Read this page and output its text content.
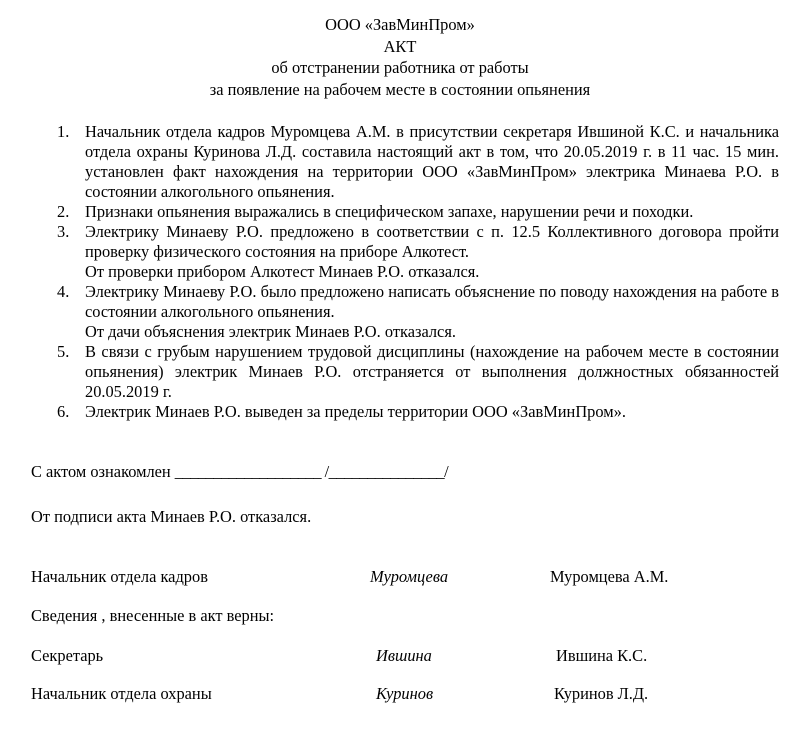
ООО «ЗавМинПром»
АКТ
об отстранении работника от работы
за появление на рабочем месте в состоянии опьянения
1. Начальник отдела кадров Муромцева А.М. в присутствии секретаря Ившиной К.С. и начальника отдела охраны Куринова Л.Д. составила настоящий акт в том, что 20.05.2019 г. в 11 час. 15 мин. установлен факт нахождения на территории ООО «ЗавМинПром» электрика Минаева Р.О. в состоянии алкогольного опьянения.
2. Признаки опьянения выражались в специфическом запахе, нарушении речи и походки.
3. Электрику Минаеву Р.О. предложено в соответствии с п. 12.5 Коллективного договора пройти проверку физического состояния на приборе Алкотест.
От проверки прибором Алкотест Минаев Р.О. отказался.
4. Электрику Минаеву Р.О. было предложено написать объяснение по поводу нахождения на работе в состоянии алкогольного опьянения.
От дачи объяснения электрик Минаев Р.О. отказался.
5. В связи с грубым нарушением трудовой дисциплины (нахождение на рабочем месте в состоянии опьянения) электрик Минаев Р.О. отстраняется от выполнения должностных обязанностей 20.05.2019 г.
6. Электрик Минаев Р.О. выведен за пределы территории ООО «ЗавМинПром».
С актом ознакомлен ___________________ /_______________/
От подписи акта Минаев Р.О. отказался.
Начальник отдела кадров	Муромцева	Муромцева А.М.
Сведения , внесенные в акт верны:
Секретарь	Ившина	Ившина К.С.
Начальник отдела охраны	Куринов	Куринов Л.Д.
